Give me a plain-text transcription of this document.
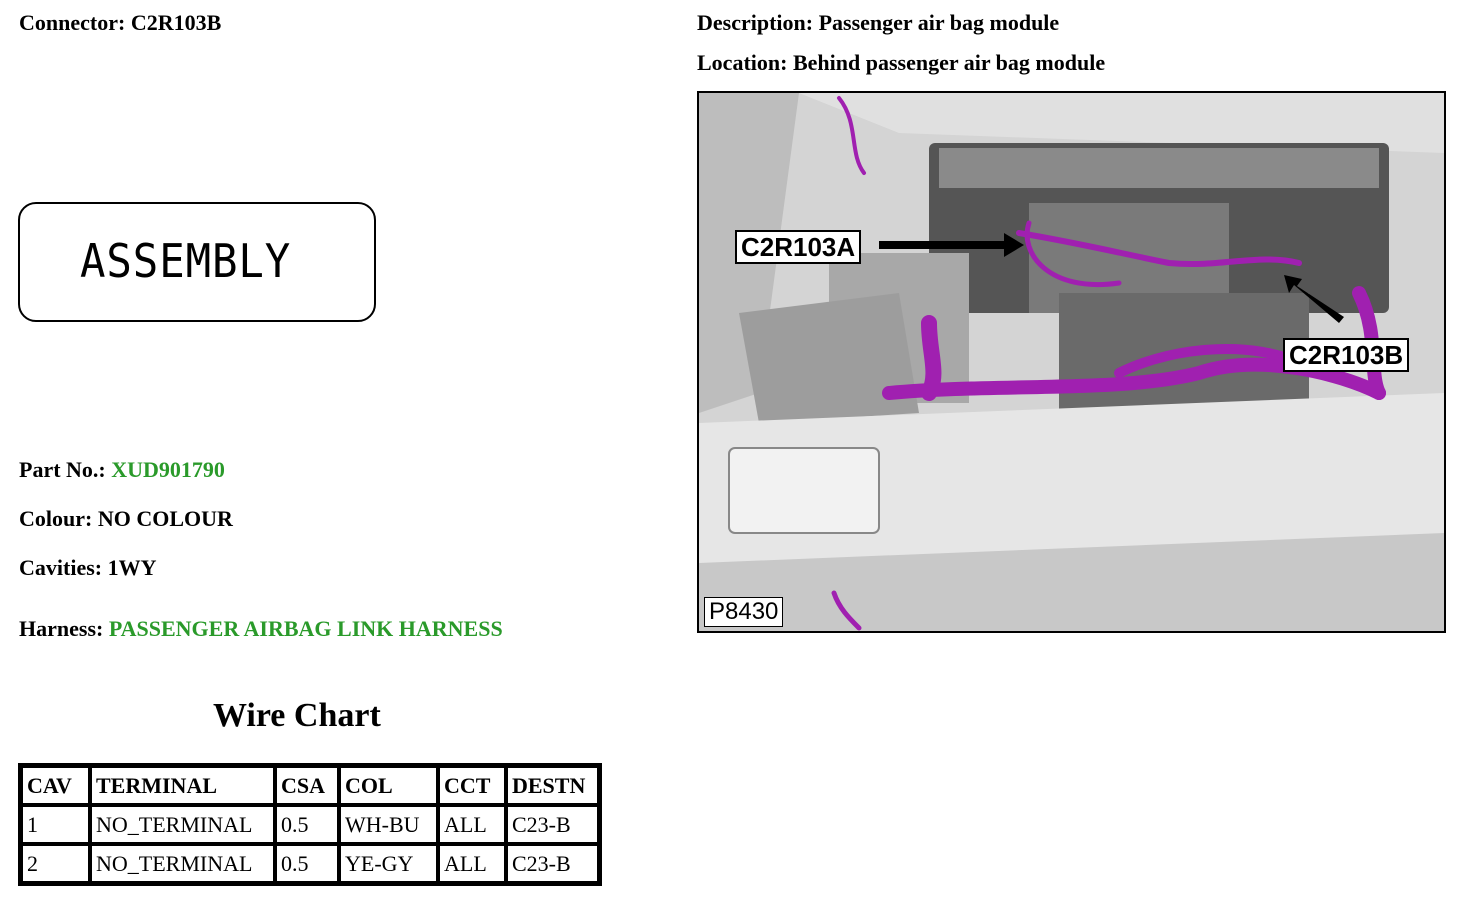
Connector: C2R103B	Description: Passenger air bag module
Location: Behind passenger air bag module
ASSEMBLY
Part No.: XUD901790
Colour: NO COLOUR
Cavities: 1WY
Harness: PASSENGER AIRBAG LINK HARNESS
Wire Chart
CAV	TERMINAL	CSA	COL	CCT	DESTN
1	NO_TERMINAL	0.5	WH-BU	ALL	C23-B
2	NO_TERMINAL	0.5	YE-GY	ALL	C23-B
C2R103A
C2R103B
P8430
